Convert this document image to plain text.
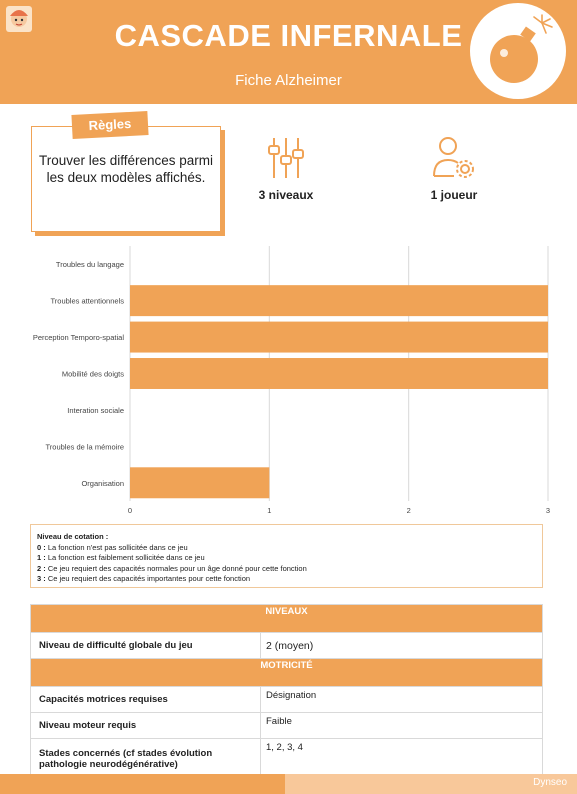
CASCADE INFERNALE
Fiche Alzheimer
Règles
Trouver les différences parmi les deux modèles affichés.
3 niveaux	1 joueur
0	1	2	3
Troubles du langage
Troubles attentionnels
Perception Temporo-spatial
Mobilité des doigts
Interation sociale
Troubles de la mémoire
Organisation
Niveau de cotation :
0 : La fonction n'est pas sollicitée dans ce jeu
1 : La fonction est faiblement sollicitée dans ce jeu
2 : Ce jeu requiert des capacités normales pour un âge donné pour cette fonction
3 : Ce jeu requiert des capacités importantes pour cette fonction
NIVEAUX	
Niveau de difficulté globale du jeu	2 (moyen)
MOTRICITÉ	
Capacités motrices requises	Désignation
Niveau moteur requis	Faible
Stades concernés (cf stades évolution pathologie neurodégénérative)	1, 2, 3, 4
Dynseo
